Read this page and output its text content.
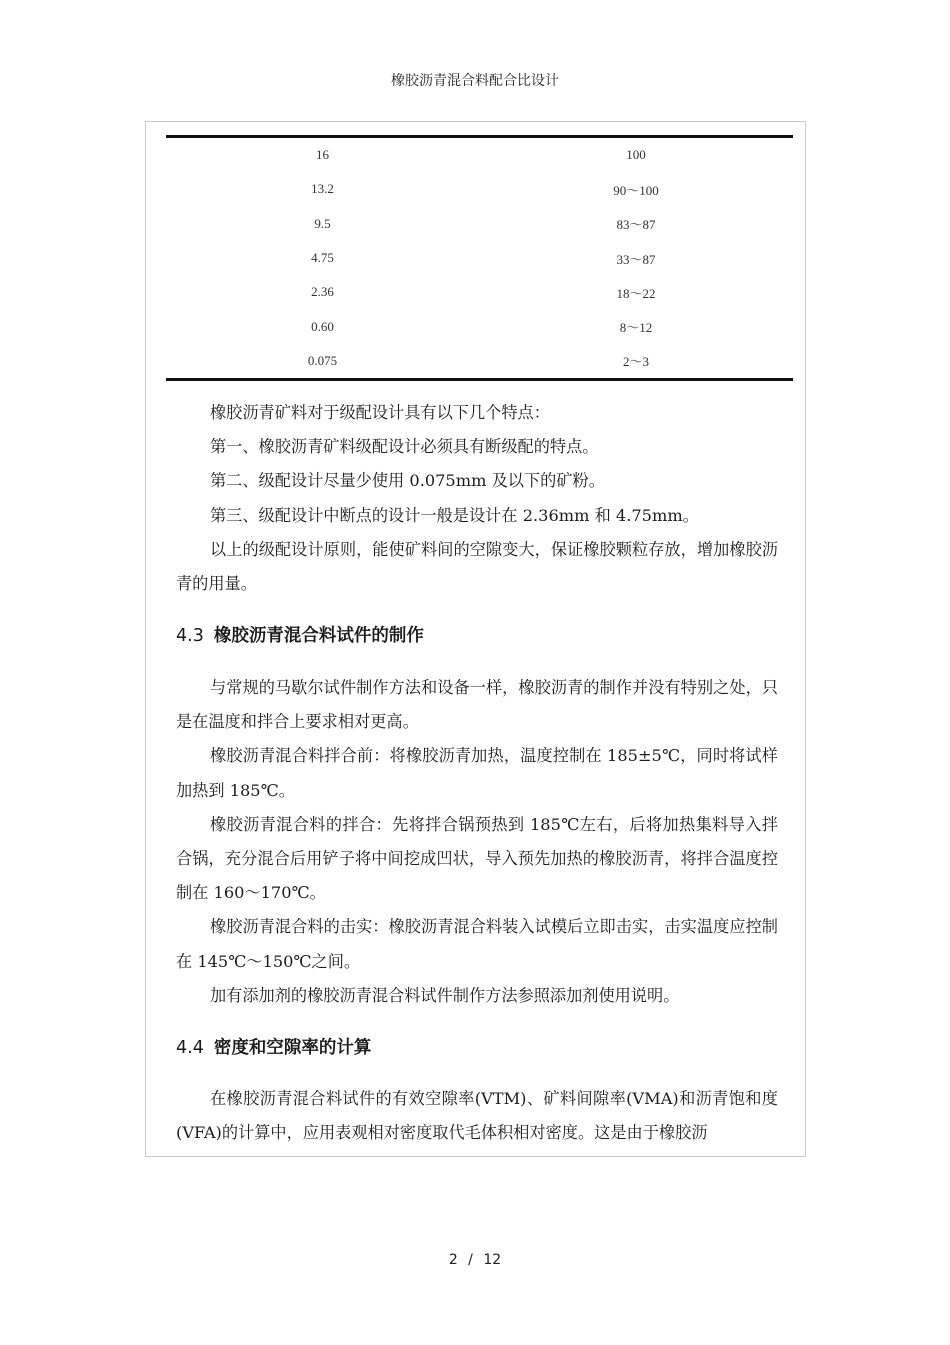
橡胶沥青混合料配合比设计
16	100
13.2	90～100
9.5	83～87
4.75	33～87
2.36	18～22
0.60	8～12
0.075	2～3

橡胶沥青矿料对于级配设计具有以下几个特点：

第一、橡胶沥青矿料级配设计必须具有断级配的特点。

第二、级配设计尽量少使用 0.075mm 及以下的矿粉。

第三、级配设计中断点的设计一般是设计在 2.36mm 和 4.75mm。

以上的级配设计原则，能使矿料间的空隙变大，保证橡胶颗粒存放，增加橡胶沥青的用量。

4.3 橡胶沥青混合料试件的制作

与常规的马歇尔试件制作方法和设备一样，橡胶沥青的制作并没有特别之处，只是在温度和拌合上要求相对更高。

橡胶沥青混合料拌合前：将橡胶沥青加热，温度控制在 185±5℃，同时将试样加热到 185℃。

橡胶沥青混合料的拌合：先将拌合锅预热到 185℃左右，后将加热集料导入拌合锅，充分混合后用铲子将中间挖成凹状，导入预先加热的橡胶沥青，将拌合温度控制在 160～170℃。

橡胶沥青混合料的击实：橡胶沥青混合料装入试模后立即击实，击实温度应控制在 145℃～150℃之间。

加有添加剂的橡胶沥青混合料试件制作方法参照添加剂使用说明。

4.4 密度和空隙率的计算

在橡胶沥青混合料试件的有效空隙率(VTM)、矿料间隙率(VMA)和沥青饱和度(VFA)的计算中，应用表观相对密度取代毛体积相对密度。这是由于橡胶沥

2 / 12
